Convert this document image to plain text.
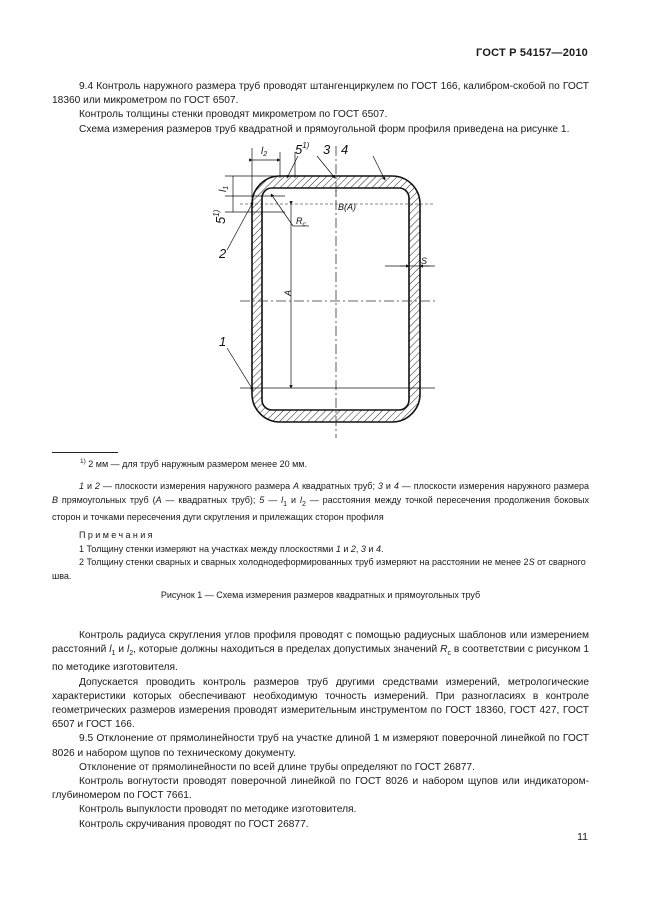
ГОСТ Р 54157—2010

9.4 Контроль наружного размера труб проводят штангенциркулем по ГОСТ 166, калибром-скобой по ГОСТ 18360 или микрометром по ГОСТ 6507.

Контроль толщины стенки проводят микрометром по ГОСТ 6507.

Схема измерения размеров труб квадратной и прямоугольной форм профиля приведена на рисунке 1.

$l_2$ 5$^{1)}$ 3 4
$l_1$
5$^{1)}$
2
1
B(A)
$R_c$
A
S
$^{1)}$ 2 мм — для труб наружным размером менее 20 мм.

1 и 2 — плоскости измерения наружного размера A квадратных труб; 3 и 4 — плоскости измерения наружного размера B прямоугольных труб (A — квадратных труб); 5 — $l_1$ и $l_2$ — расстояния между точкой пересечения продолжения боковых сторон и точками пересечения дуги скругления и прилежащих сторон профиля

Примечания

1 Толщину стенки измеряют на участках между плоскостями 1 и 2, 3 и 4.

2 Толщину стенки сварных и сварных холоднодеформированных труб измеряют на расстоянии не менее 2S от сварного шва.

Рисунок 1 — Схема измерения размеров квадратных и прямоугольных труб

Контроль радиуса скругления углов профиля проводят с помощью радиусных шаблонов или измерением расстояний $l_1$ и $l_2$, которые должны находиться в пределах допустимых значений $R_c$ в соответствии с рисунком 1 по методике изготовителя.

Допускается проводить контроль размеров труб другими средствами измерений, метрологические характеристики которых обеспечивают необходимую точность измерений. При разногласиях в контроле геометрических размеров измерения проводят измерительным инструментом по ГОСТ 18360, ГОСТ 427, ГОСТ 6507 и ГОСТ 166.

9.5 Отклонение от прямолинейности труб на участке длиной 1 м измеряют поверочной линейкой по ГОСТ 8026 и набором щупов по техническому документу.

Отклонение от прямолинейности по всей длине трубы определяют по ГОСТ 26877.

Контроль вогнутости проводят поверочной линейкой по ГОСТ 8026 и набором щупов или индикатором-глубиномером по ГОСТ 7661.

Контроль выпуклости проводят по методике изготовителя.

Контроль скручивания проводят по ГОСТ 26877.

11
